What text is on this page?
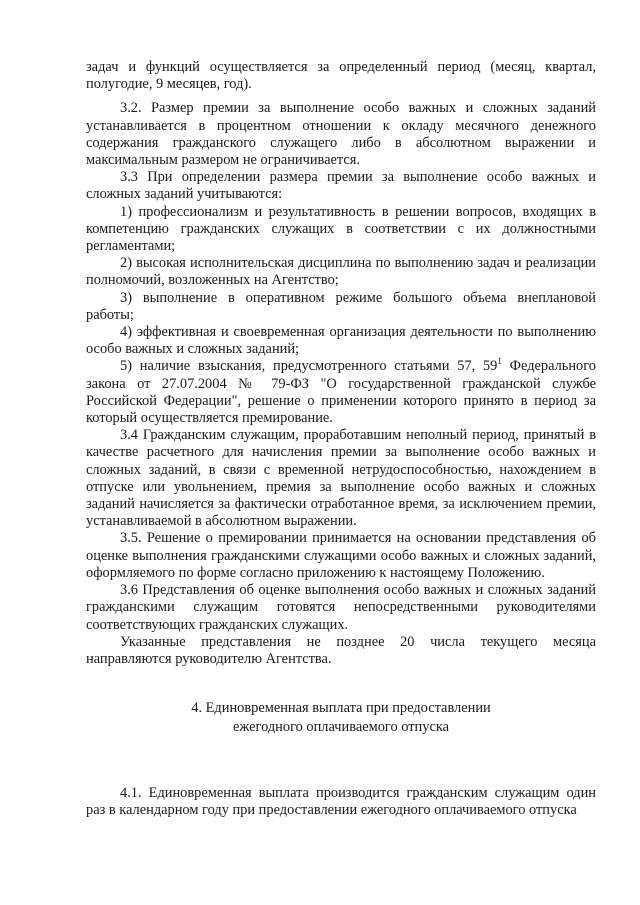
задач и функций осуществляется за определенный период (месяц, квартал, полугодие, 9 месяцев, год).

3.2. Размер премии за выполнение особо важных и сложных заданий устанавливается в процентном отношении к окладу месячного денежного содержания гражданского служащего либо в абсолютном выражении и максимальным размером не ограничивается.

3.3 При определении размера премии за выполнение особо важных и сложных заданий учитываются:

1) профессионализм и результативность в решении вопросов, входящих в компетенцию гражданских служащих в соответствии с их должностными регламентами;

2) высокая исполнительская дисциплина по выполнению задач и реализации полномочий, возложенных на Агентство;

3) выполнение в оперативном режиме большого объема внеплановой работы;

4) эффективная и своевременная организация деятельности по выполнению особо важных и сложных заданий;

5) наличие взыскания, предусмотренного статьями 57, $59^1$ Федерального закона от 27.07.2004 № 79-ФЗ "О государственной гражданской службе Российской Федерации", решение о применении которого принято в период за который осуществляется премирование.

3.4 Гражданским служащим, проработавшим неполный период, принятый в качестве расчетного для начисления премии за выполнение особо важных и сложных заданий, в связи с временной нетрудоспособностью, нахождением в отпуске или увольнением, премия за выполнение особо важных и сложных заданий начисляется за фактически отработанное время, за исключением премии, устанавливаемой в абсолютном выражении.

3.5. Решение о премировании принимается на основании представления об оценке выполнения гражданскими служащими особо важных и сложных заданий, оформляемого по форме согласно приложению к настоящему Положению.

3.6 Представления об оценке выполнения особо важных и сложных заданий гражданскими служащим готовятся непосредственными руководителями соответствующих гражданских служащих.

Указанные представления не позднее 20 числа текущего месяца направляются руководителю Агентства.

4. Единовременная выплата при предоставлении
ежегодного оплачиваемого отпуска

4.1. Единовременная выплата производится гражданским служащим один раз в календарном году при предоставлении ежегодного оплачиваемого отпуска
